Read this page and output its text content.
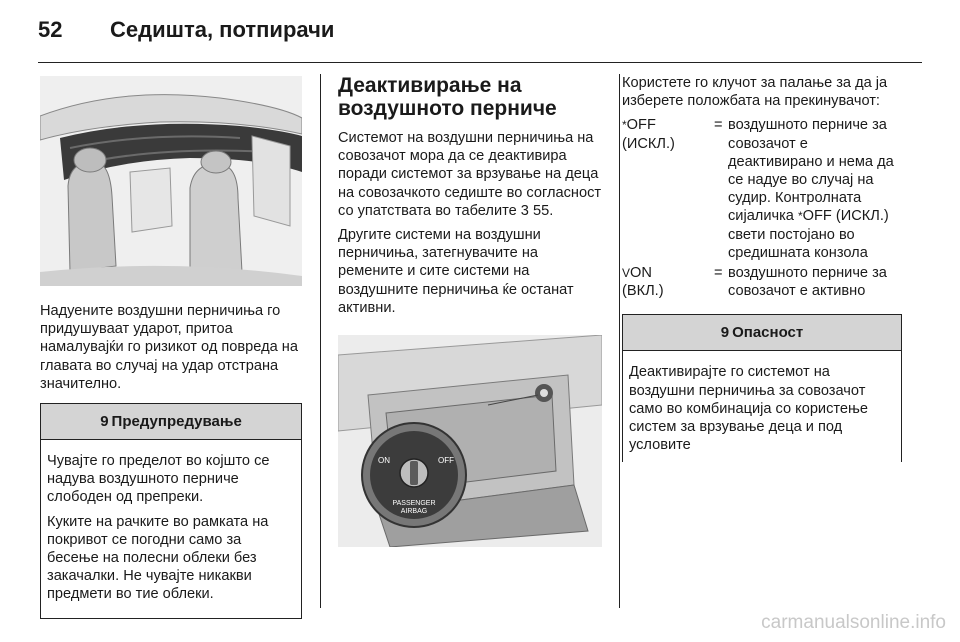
52	Седишта, потпирачи

Надуените воздушни перничиња го придушуваат ударот, притоа намалувајќи го ризикот од повреда на главата во случај на удар отстрана значително.

9 Предупредување

Чувајте го пределот во којшто се надува воздушното перниче слободен од препреки.

Куките на рачките во рамката на покривот се погодни само за бесење на полесни облеки без закачалки. Не чувајте никакви предмети во тие облеки.

Деактивирање на воздушното перниче

Системот на воздушни перничиња на совозачот мора да се деактивира поради системот за врзување на деца на совозачкото седиште во согласност со упатствата во табелите 3 55.

Другите системи на воздушни перничиња, затегнувачите на ремените и сите системи на воздушните перничиња ќе останат активни.

ON	OFF
PASSENGER
AIRBAG

Користете го клучот за палање за да ја изберете положбата на прекинувачот:

*OFF
(ИСКЛ.)
= воздушното перниче за совозачот е деактивирано и нема да се надуе во случај на судир. Контролната сијаличка *OFF (ИСКЛ.) свети постојано во средишната конзола
VON
(ВКЛ.)
= воздушното перниче за совозачот е активно
9 Опасност

Деактивирајте го системот на воздушни перничиња за совозачот само во комбинација со користење систем за врзување деца и под условите

carmanualsonline.info
